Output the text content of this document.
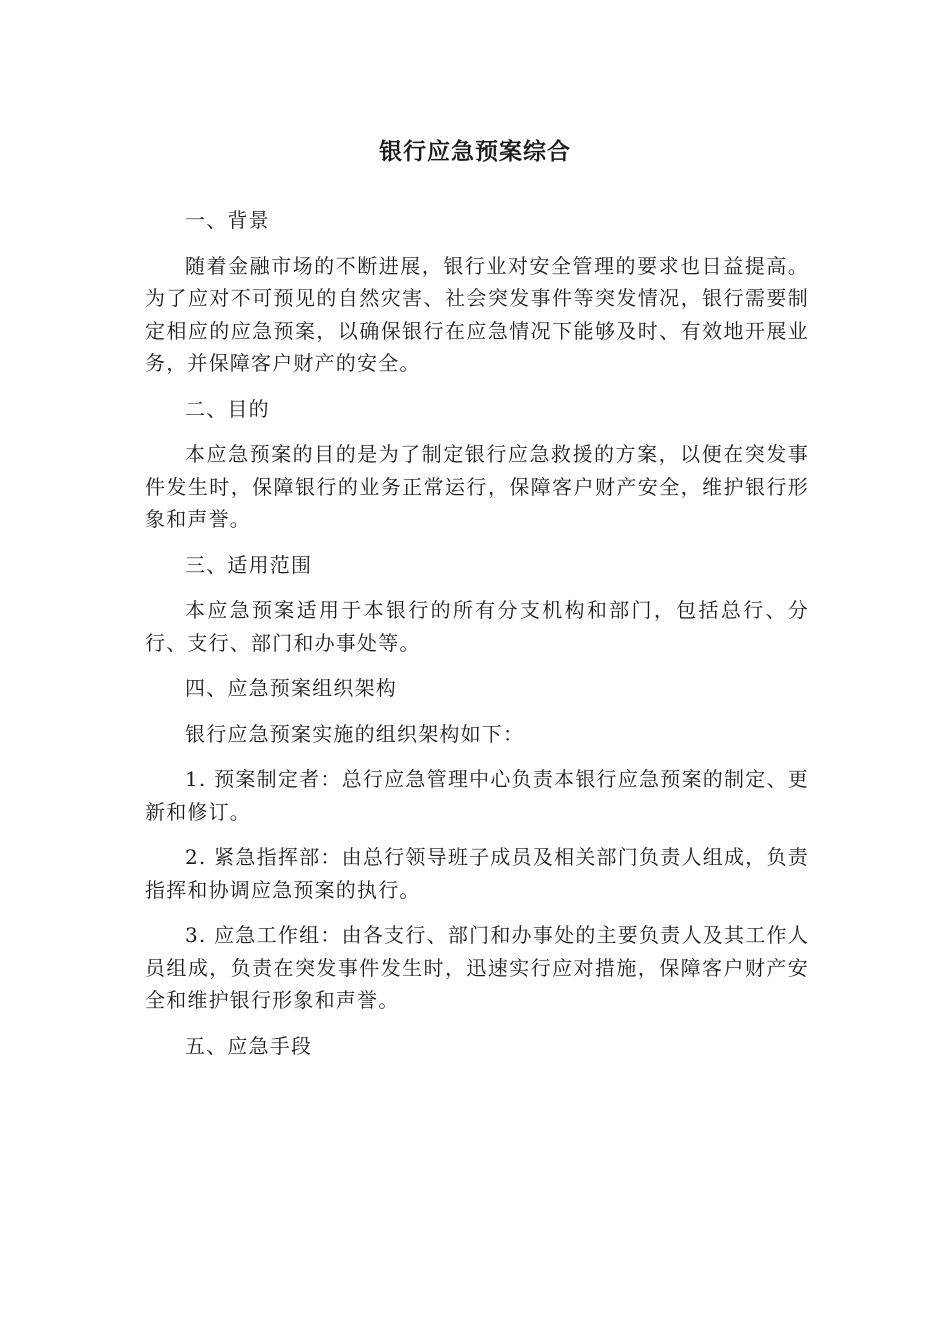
银行应急预案综合

一、背景

随着金融市场的不断进展，银行业对安全管理的要求也日益提高。为了应对不可预见的自然灾害、社会突发事件等突发情况，银行需要制定相应的应急预案，以确保银行在应急情况下能够及时、有效地开展业务，并保障客户财产的安全。

二、目的

本应急预案的目的是为了制定银行应急救援的方案，以便在突发事件发生时，保障银行的业务正常运行，保障客户财产安全，维护银行形象和声誉。

三、适用范围

本应急预案适用于本银行的所有分支机构和部门，包括总行、分行、支行、部门和办事处等。

四、应急预案组织架构

银行应急预案实施的组织架构如下：

1. 预案制定者：总行应急管理中心负责本银行应急预案的制定、更新和修订。

2. 紧急指挥部：由总行领导班子成员及相关部门负责人组成，负责指挥和协调应急预案的执行。

3. 应急工作组：由各支行、部门和办事处的主要负责人及其工作人员组成，负责在突发事件发生时，迅速实行应对措施，保障客户财产安全和维护银行形象和声誉。

五、应急手段
